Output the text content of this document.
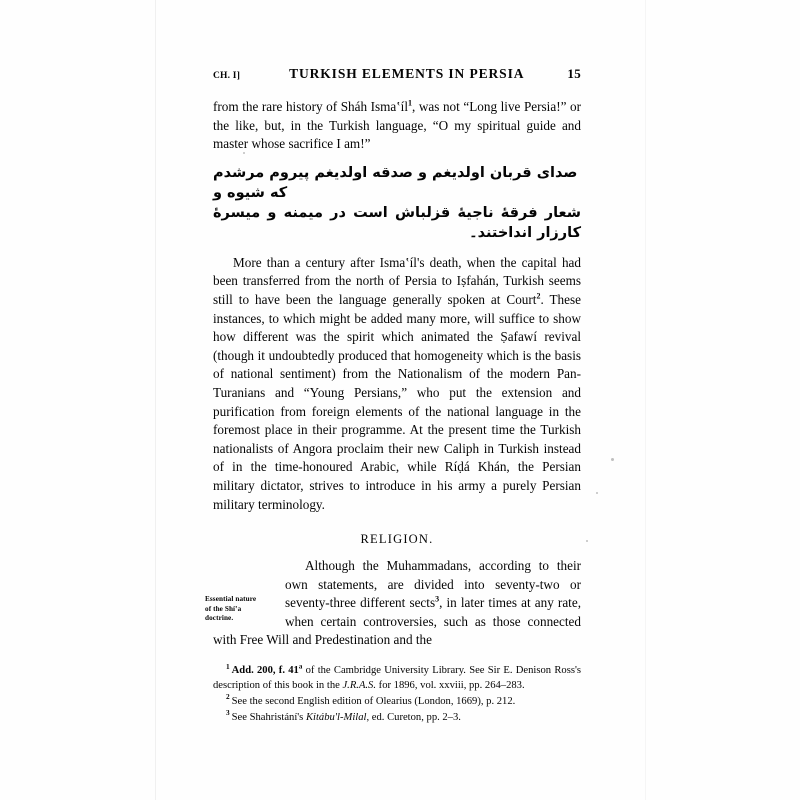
CH. I]	TURKISH ELEMENTS IN PERSIA	15

from the rare history of Sháh Ismaʽíl$^1$, was not “Long live Persia!” or the like, but, in the Turkish language, “O my spiritual guide and master whose sacrifice I am!”

صدای قربان اولدیغم و صدقه اولدیغم پیروم مرشدم که شیوه و
شعار فرقهٔ ناجیهٔ قزلباش است در میمنه و میسرهٔ کارزار انداختند۔

More than a century after Ismaʽíl's death, when the capital had been transferred from the north of Persia to Iṣfahán, Turkish seems still to have been the language generally spoken at Court$^2$. These instances, to which might be added many more, will suffice to show how different was the spirit which animated the Ṣafawí revival (though it undoubtedly produced that homogeneity which is the basis of national sentiment) from the Nationalism of the modern Pan-Turanians and “Young Persians,” who put the extension and purification from foreign elements of the national language in the foremost place in their programme. At the present time the Turkish nationalists of Angora proclaim their new Caliph in Turkish instead of in the time-honoured Arabic, while Ríḍá Khán, the Persian military dictator, strives to introduce in his army a purely Persian military terminology.

RELIGION.
Essential nature
of the Shíʽa
doctrine.

Although the Muhammadans, according to their own statements, are divided into seventy-two or seventy-three different sects$^3$, in later times at any rate, when certain controversies, such as those connected with Free Will and Predestination and the

$^1$ Add. 200, f. 41$^a$ of the Cambridge University Library. See Sir E. Denison Ross's description of this book in the J.R.A.S. for 1896, vol. xxviii, pp. 264–283.

$^2$ See the second English edition of Olearius (London, 1669), p. 212.

$^3$ See Shahristání's Kitábu'l-Milal, ed. Cureton, pp. 2–3.
